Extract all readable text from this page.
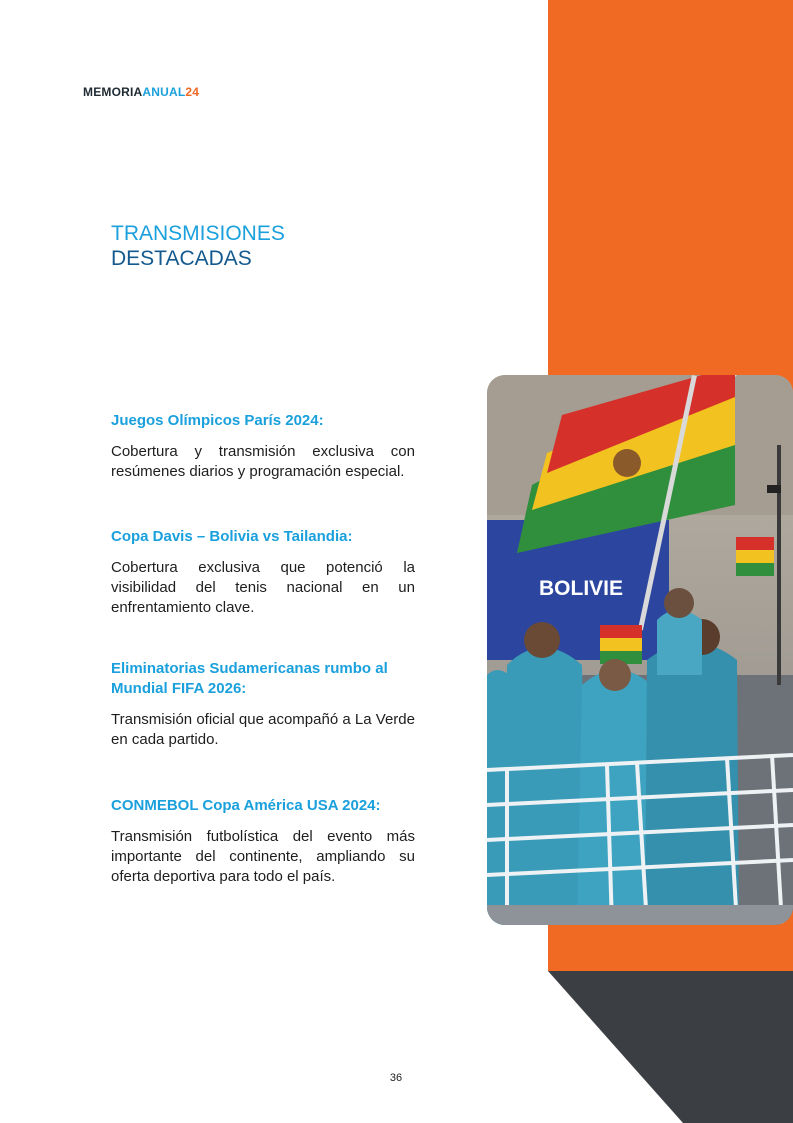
MEMORIAANUAL24
TRANSMISIONES
DESTACADAS
Juegos Olímpicos París 2024:

Cobertura y transmisión exclusiva con resúmenes diarios y programación especial.

Copa Davis – Bolivia vs Tailandia:

Cobertura exclusiva que potenció la visibilidad del tenis nacional en un enfrentamiento clave.

Eliminatorias Sudamericanas rumbo al Mundial FIFA 2026:

Transmisión oficial que acompañó a La Verde en cada partido.

CONMEBOL Copa América USA 2024:

Transmisión futbolística del evento más importante del continente, ampliando su oferta deportiva para todo el país.

BOLIVIE
36
